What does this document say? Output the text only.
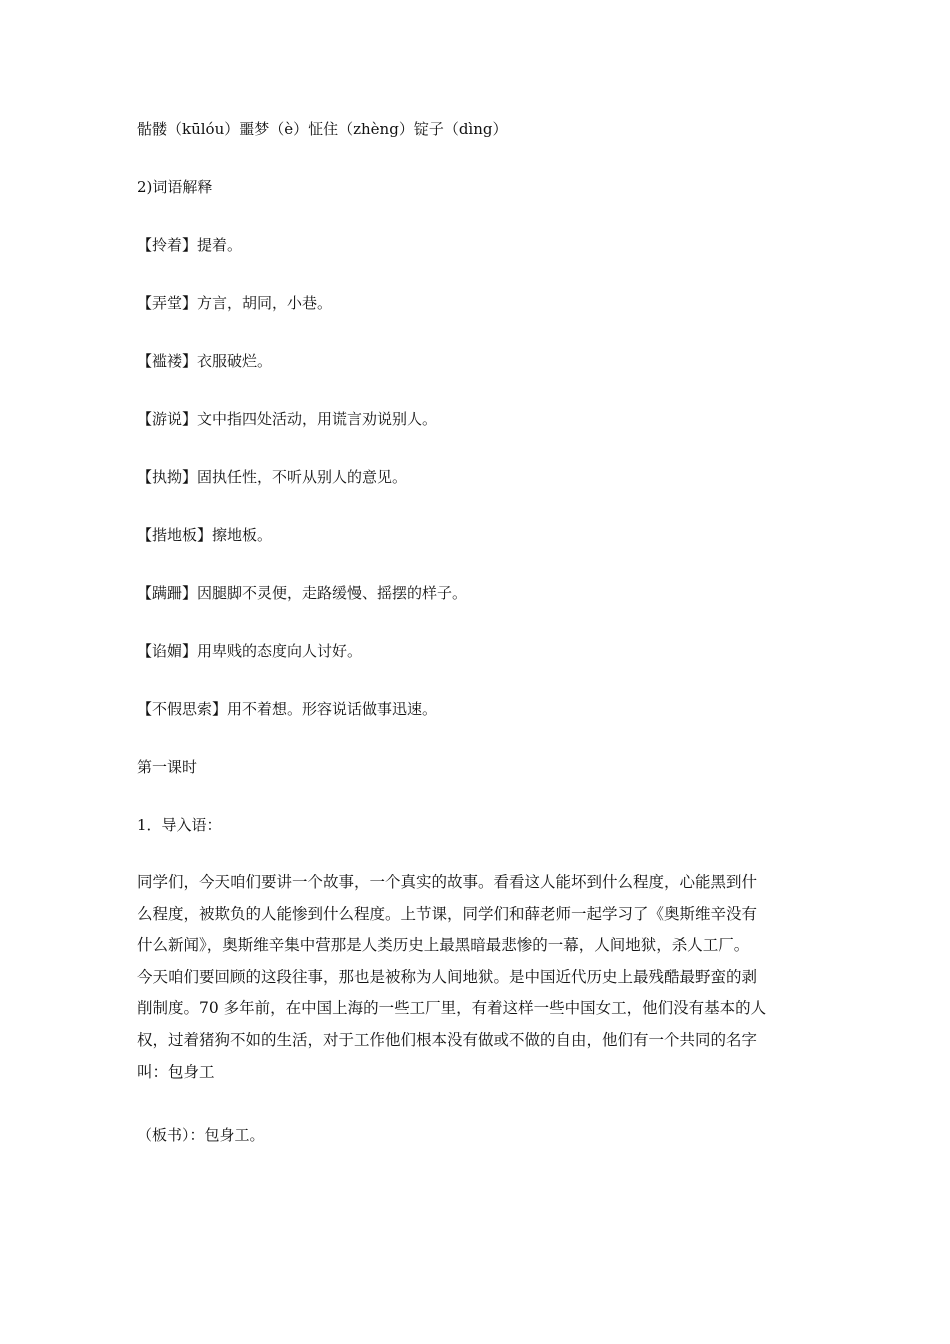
骷髅（kūlóu）噩梦（è）怔住（zhèng）锭子（dìng）
2)词语解释
【拎着】提着。
【弄堂】方言，胡同，小巷。
【褴褛】衣服破烂。
【游说】文中指四处活动，用谎言劝说别人。
【执拗】固执任性，不听从别人的意见。
【揩地板】擦地板。
【蹒跚】因腿脚不灵便，走路缓慢、摇摆的样子。
【谄媚】用卑贱的态度向人讨好。
【不假思索】用不着想。形容说话做事迅速。
第一课时
1．导入语：
同学们，今天咱们要讲一个故事，一个真实的故事。看看这人能坏到什么程度，心能黑到什
么程度，被欺负的人能惨到什么程度。上节课，同学们和薛老师一起学习了《奥斯维辛没有
什么新闻》，奥斯维辛集中营那是人类历史上最黑暗最悲惨的一幕，人间地狱，杀人工厂。
今天咱们要回顾的这段往事，那也是被称为人间地狱。是中国近代历史上最残酷最野蛮的剥
削制度。70 多年前，在中国上海的一些工厂里，有着这样一些中国女工，他们没有基本的人
权，过着猪狗不如的生活，对于工作他们根本没有做或不做的自由，他们有一个共同的名字
叫：包身工
（板书）：包身工。
